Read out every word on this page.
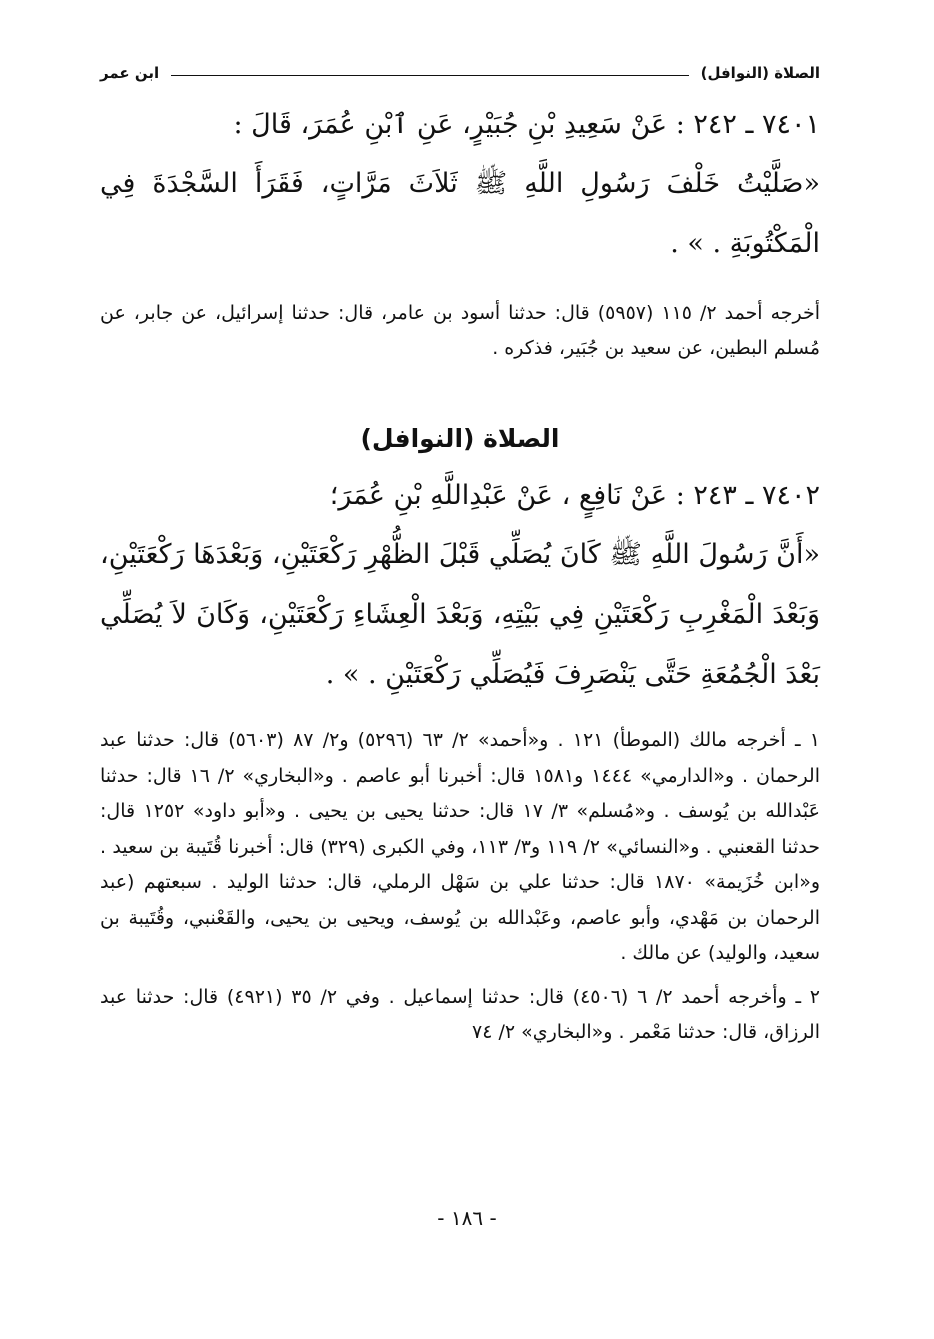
الصلاة (النوافل)
ابن عمر
٧٤٠١ ـ ٢٤٢ : عَنْ سَعِيدِ بْنِ جُبَيْرٍ، عَنِ ٱبْنِ عُمَرَ، قَالَ :
«صَلَّيْتُ خَلْفَ رَسُولِ اللَّهِ ﷺ ثَلاَثَ مَرَّاتٍ، فَقَرَأَ السَّجْدَةَ فِي الْمَكْتُوبَةِ . » .
أخرجه أحمد ٢/ ١١٥ (٥٩٥٧) قال: حدثنا أسود بن عامر، قال: حدثنا إسرائيل، عن جابر، عن مُسلم البطين، عن سعيد بن جُبَير، فذكره .
الصلاة (النوافل)
٧٤٠٢ ـ ٢٤٣ : عَنْ نَافِعٍ ، عَنْ عَبْدِاللَّهِ بْنِ عُمَرَ؛
«أَنَّ رَسُولَ اللَّهِ ﷺ كَانَ يُصَلِّي قَبْلَ الظُّهْرِ رَكْعَتَيْنِ، وَبَعْدَهَا رَكْعَتَيْنِ، وَبَعْدَ الْمَغْرِبِ رَكْعَتَيْنِ فِي بَيْتِهِ، وَبَعْدَ الْعِشَاءِ رَكْعَتَيْنِ، وَكَانَ لاَ يُصَلِّي بَعْدَ الْجُمُعَةِ حَتَّى يَنْصَرِفَ فَيُصَلِّي رَكْعَتَيْنِ . » .
١ ـ أخرجه مالك (الموطأ) ١٢١ . و«أحمد» ٢/ ٦٣ (٥٢٩٦) و٢/ ٨٧ (٥٦٠٣) قال: حدثنا عبد الرحمان . و«الدارمي» ١٤٤٤ و١٥٨١ قال: أخبرنا أبو عاصم . و«البخاري» ٢/ ١٦ قال: حدثنا عَبْدالله بن يُوسف . و«مُسلم» ٣/ ١٧ قال: حدثنا يحيى بن يحيى . و«أبو داود» ١٢٥٢ قال: حدثنا القعنبي . و«النسائي» ٢/ ١١٩ و٣/ ١١٣، وفي الكبرى (٣٢٩) قال: أخبرنا قُتَيبة بن سعيد . و«ابن خُزَيمة» ١٨٧٠ قال: حدثنا علي بن سَهْل الرملي، قال: حدثنا الوليد . سبعتهم (عبد الرحمان بن مَهْدي، وأبو عاصم، وعَبْدالله بن يُوسف، ويحيى بن يحيى، والقَعْنبي، وقُتَيبة بن سعيد، والوليد) عن مالك .
٢ ـ وأخرجه أحمد ٢/ ٦ (٤٥٠٦) قال: حدثنا إسماعيل . وفي ٢/ ٣٥ (٤٩٢١) قال: حدثنا عبد الرزاق، قال: حدثنا مَعْمر . و«البخاري» ٢/ ٧٤
- ١٨٦ -
